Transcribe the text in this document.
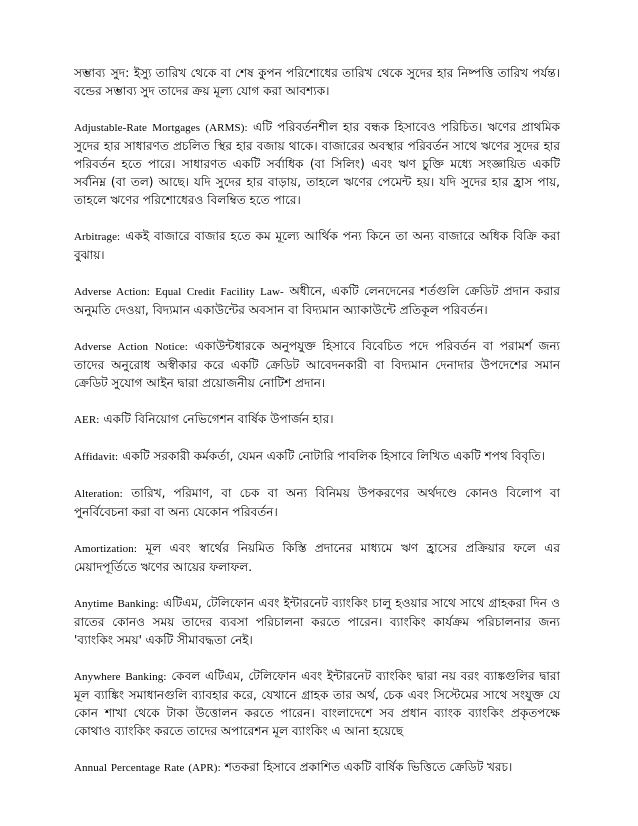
সম্ভাব্য সুদ: ইস্যু তারিখ থেকে বা শেষ কুপন পরিশোধের তারিখ থেকে সুদের হার নিষ্পত্তি তারিখ পর্যন্ত। বন্ডের সম্ভাব্য সুদ তাদের ক্রয় মূল্য যোগ করা আবশ্যক।
Adjustable-Rate Mortgages (ARMS): এটি পরিবর্তনশীল হার বন্ধক হিসাবেও পরিচিত। ঋণের প্রাথমিক সুদের হার সাধারণত প্রচলিত স্থির হার বজায় থাকে। বাজারের অবস্থার পরিবর্তন সাথে ঋণের সুদের হার পরিবর্তন হতে পারে। সাধারণত একটি সর্বাধিক (বা সিলিং) এবং ঋণ চুক্তি মধ্যে সংজ্ঞায়িত একটি সর্বনিম্ন (বা তল) আছে। যদি সুদের হার বাড়ায়, তাহলে ঋণের পেমেন্ট হয়। যদি সুদের হার হ্রাস পায়, তাহলে ঋণের পরিশোধেরও বিলম্বিত হতে পারে।
Arbitrage: একই বাজারে বাজার হতে কম মূল্যে আর্থিক পন্য কিনে তা অন্য বাজারে অধিক বিক্রি করা বুঝায়।
Adverse Action: Equal Credit Facility Law- অধীনে, একটি লেনদেনের শর্তগুলি ক্রেডিট প্রদান করার অনুমতি দেওয়া, বিদ্যমান একাউন্টের অবসান বা বিদ্যমান অ্যাকাউন্টে প্রতিকূল পরিবর্তন।
Adverse Action Notice: একাউন্টধারকে অনুপযুক্ত হিসাবে বিবেচিত পদে পরিবর্তন বা পরামর্শ জন্য তাদের অনুরোধ অস্বীকার করে একটি ক্রেডিট আবেদনকারী বা বিদ্যমান দেনাদার উপদেশের সমান ক্রেডিট সুযোগ আইন দ্বারা প্রয়োজনীয় নোটিশ প্রদান।
AER: একটি বিনিয়োগ নেভিগেশন বার্ষিক উপার্জন হার।
Affidavit: একটি সরকারী কর্মকর্তা, যেমন একটি নোটারি পাবলিক হিসাবে লিখিত একটি শপথ বিবৃতি।
Alteration: তারিখ, পরিমাণ, বা চেক বা অন্য বিনিময় উপকরণের অর্থদণ্ডে কোনও বিলোপ বা পুনর্বিবেচনা করা বা অন্য যেকোন পরিবর্তন।
Amortization: মূল এবং স্বার্থের নিয়মিত কিস্তি প্রদানের মাধ্যমে ঋণ হ্রাসের প্রক্রিয়ার ফলে এর মেয়াদপূর্তিতে ঋণের আয়ের ফলাফল.
Anytime Banking: এটিএম, টেলিফোন এবং ইন্টারনেট ব্যাংকিং চালু হওয়ার সাথে সাথে গ্রাহকরা দিন ও রাতের কোনও সময় তাদের ব্যবসা পরিচালনা করতে পারেন। ব্যাংকিং কার্যক্রম পরিচালনার জন্য 'ব্যাংকিং সময়' একটি সীমাবদ্ধতা নেই।
Anywhere Banking: কেবল এটিএম, টেলিফোন এবং ইন্টারনেট ব্যাংকিং দ্বারা নয় বরং ব্যাঙ্কগুলির দ্বারা মূল ব্যাঙ্কিং সমাধানগুলি ব্যাবহার করে, যেখানে গ্রাহক তার অর্থ, চেক এবং সিস্টেমের সাথে সংযুক্ত যে কোন শাখা থেকে টাকা উত্তোলন করতে পারেন। বাংলাদেশে সব প্রধান ব্যাংক ব্যাংকিং প্রকৃতপক্ষে কোথাও ব্যাংকিং করতে তাদের অপারেশন মূল ব্যাংকিং এ আনা হয়েছে
Annual Percentage Rate (APR): শতকরা হিসাবে প্রকাশিত একটি বার্ষিক ভিত্তিতে ক্রেডিট খরচ।
